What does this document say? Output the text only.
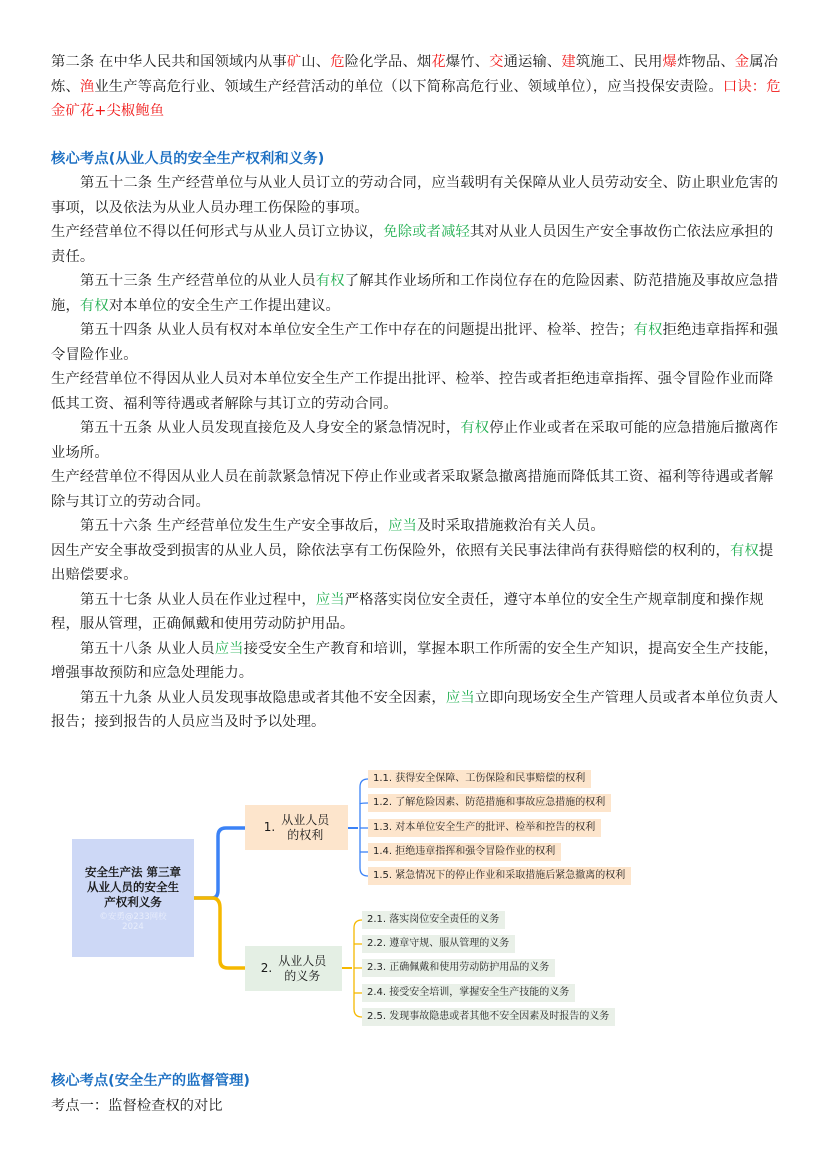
第二条 在中华人民共和国领域内从事矿山、危险化学品、烟花爆竹、交通运输、建筑施工、民用爆炸物品、金属冶炼、渔业生产等高危行业、领域生产经营活动的单位（以下简称高危行业、领域单位），应当投保安责险。口诀：危金矿花+尖椒鲍鱼

核心考点(从业人员的安全生产权利和义务)

第五十二条 生产经营单位与从业人员订立的劳动合同，应当载明有关保障从业人员劳动安全、防止职业危害的事项，以及依法为从业人员办理工伤保险的事项。

生产经营单位不得以任何形式与从业人员订立协议，免除或者减轻其对从业人员因生产安全事故伤亡依法应承担的责任。

第五十三条 生产经营单位的从业人员有权了解其作业场所和工作岗位存在的危险因素、防范措施及事故应急措施，有权对本单位的安全生产工作提出建议。

第五十四条 从业人员有权对本单位安全生产工作中存在的问题提出批评、检举、控告；有权拒绝违章指挥和强令冒险作业。

生产经营单位不得因从业人员对本单位安全生产工作提出批评、检举、控告或者拒绝违章指挥、强令冒险作业而降低其工资、福利等待遇或者解除与其订立的劳动合同。

第五十五条 从业人员发现直接危及人身安全的紧急情况时，有权停止作业或者在采取可能的应急措施后撤离作业场所。

生产经营单位不得因从业人员在前款紧急情况下停止作业或者采取紧急撤离措施而降低其工资、福利等待遇或者解除与其订立的劳动合同。

第五十六条 生产经营单位发生生产安全事故后，应当及时采取措施救治有关人员。

因生产安全事故受到损害的从业人员，除依法享有工伤保险外，依照有关民事法律尚有获得赔偿的权利的，有权提出赔偿要求。

第五十七条 从业人员在作业过程中，应当严格落实岗位安全责任，遵守本单位的安全生产规章制度和操作规程，服从管理，正确佩戴和使用劳动防护用品。

第五十八条 从业人员应当接受安全生产教育和培训，掌握本职工作所需的安全生产知识，提高安全生产技能，增强事故预防和应急处理能力。

第五十九条 从业人员发现事故隐患或者其他不安全因素，应当立即向现场安全生产管理人员或者本单位负责人报告；接到报告的人员应当及时予以处理。

安全生产法 第三章 从业人员的安全生产权利义务
©安勇@233网校
2024
1.
从业人员
的权利
2.
从业人员
的义务
1.1. 获得安全保障、工伤保险和民事赔偿的权利
1.2. 了解危险因素、防范措施和事故应急措施的权利
1.3. 对本单位安全生产的批评、检举和控告的权利
1.4. 拒绝违章指挥和强令冒险作业的权利
1.5. 紧急情况下的停止作业和采取措施后紧急撤离的权利
2.1. 落实岗位安全责任的义务
2.2. 遵章守规、服从管理的义务
2.3. 正确佩戴和使用劳动防护用品的义务
2.4. 接受安全培训，掌握安全生产技能的义务
2.5. 发现事故隐患或者其他不安全因素及时报告的义务
核心考点(安全生产的监督管理)
考点一：监督检查权的对比
